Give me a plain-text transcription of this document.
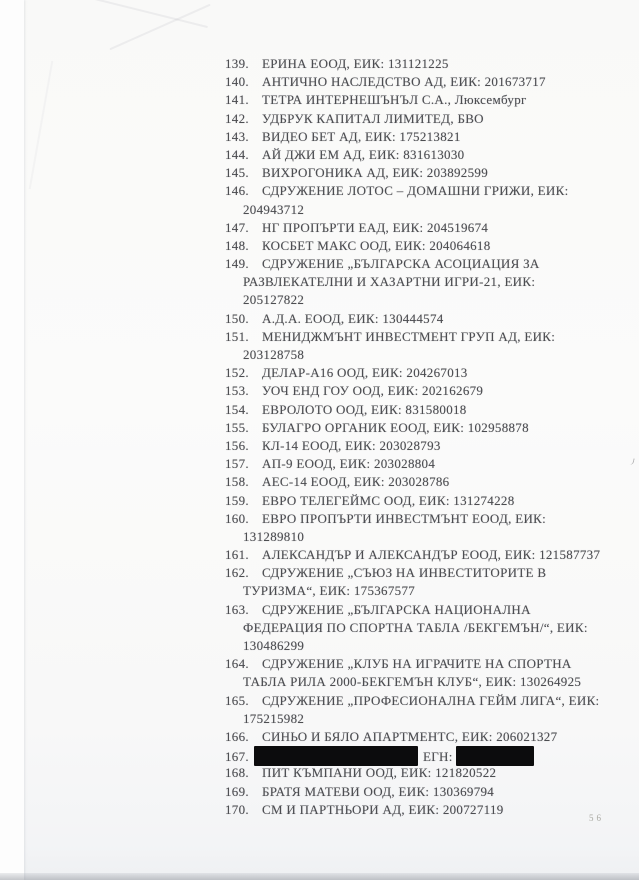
139. ЕРИНА ЕООД, ЕИК: 131121225
140. АНТИЧНО НАСЛЕДСТВО АД, ЕИК: 201673717
141. ТЕТРА ИНТЕРНЕШЪНЪЛ С.А., Люксембург
142. УДБРУК КАПИТАЛ ЛИМИТЕД, БВО
143. ВИДЕО БЕТ АД, ЕИК: 175213821
144. АЙ ДЖИ ЕМ АД, ЕИК: 831613030
145. ВИХРОГОНИКА АД, ЕИК: 203892599
146. СДРУЖЕНИЕ ЛОТОС – ДОМАШНИ ГРИЖИ, ЕИК:
204943712
147. НГ ПРОПЪРТИ ЕАД, ЕИК: 204519674
148. КОСБЕТ МАКС ООД, ЕИК: 204064618
149. СДРУЖЕНИЕ „БЪЛГАРСКА АСОЦИАЦИЯ ЗА
РАЗВЛЕКАТЕЛНИ И ХАЗАРТНИ ИГРИ-21, ЕИК:
205127822
150. А.Д.А. ЕООД, ЕИК: 130444574
151. МЕНИДЖМЪНТ ИНВЕСТМЕНТ ГРУП АД, ЕИК:
203128758
152. ДЕЛАР-А16 ООД, ЕИК: 204267013
153. УОЧ ЕНД ГОУ ООД, ЕИК: 202162679
154. ЕВРОЛОТО ООД, ЕИК: 831580018
155. БУЛАГРО ОРГАНИК ЕООД, ЕИК: 102958878
156. КЛ-14 ЕООД, ЕИК: 203028793
157. АП-9 ЕООД, ЕИК: 203028804
158. АЕС-14 ЕООД, ЕИК: 203028786
159. ЕВРО ТЕЛЕГЕЙМС ООД, ЕИК: 131274228
160. ЕВРО ПРОПЪРТИ ИНВЕСТМЪНТ ЕООД, ЕИК:
131289810
161. АЛЕКСАНДЪР И АЛЕКСАНДЪР ЕООД, ЕИК: 121587737
162. СДРУЖЕНИЕ „СЪЮЗ НА ИНВЕСТИТОРИТЕ В
ТУРИЗМА“, ЕИК: 175367577
163. СДРУЖЕНИЕ „БЪЛГАРСКА НАЦИОНАЛНА
ФЕДЕРАЦИЯ ПО СПОРТНА ТАБЛА /БЕКГЕМЪН/“, ЕИК:
130486299
164. СДРУЖЕНИЕ „КЛУБ НА ИГРАЧИТЕ НА СПОРТНА
ТАБЛА РИЛА 2000-БЕКГЕМЪН КЛУБ“, ЕИК: 130264925
165. СДРУЖЕНИЕ „ПРОФЕСИОНАЛНА ГЕЙМ ЛИГА“, ЕИК:
175215982
166. СИНЬО И БЯЛО АПАРТМЕНТС, ЕИК: 206021327
167.	ЕГН:
168. ПИТ КЪМПАНИ ООД, ЕИК: 121820522
169. БРАТЯ МАТЕВИ ООД, ЕИК: 130369794
170. СМ И ПАРТНЬОРИ АД, ЕИК: 200727119
56
